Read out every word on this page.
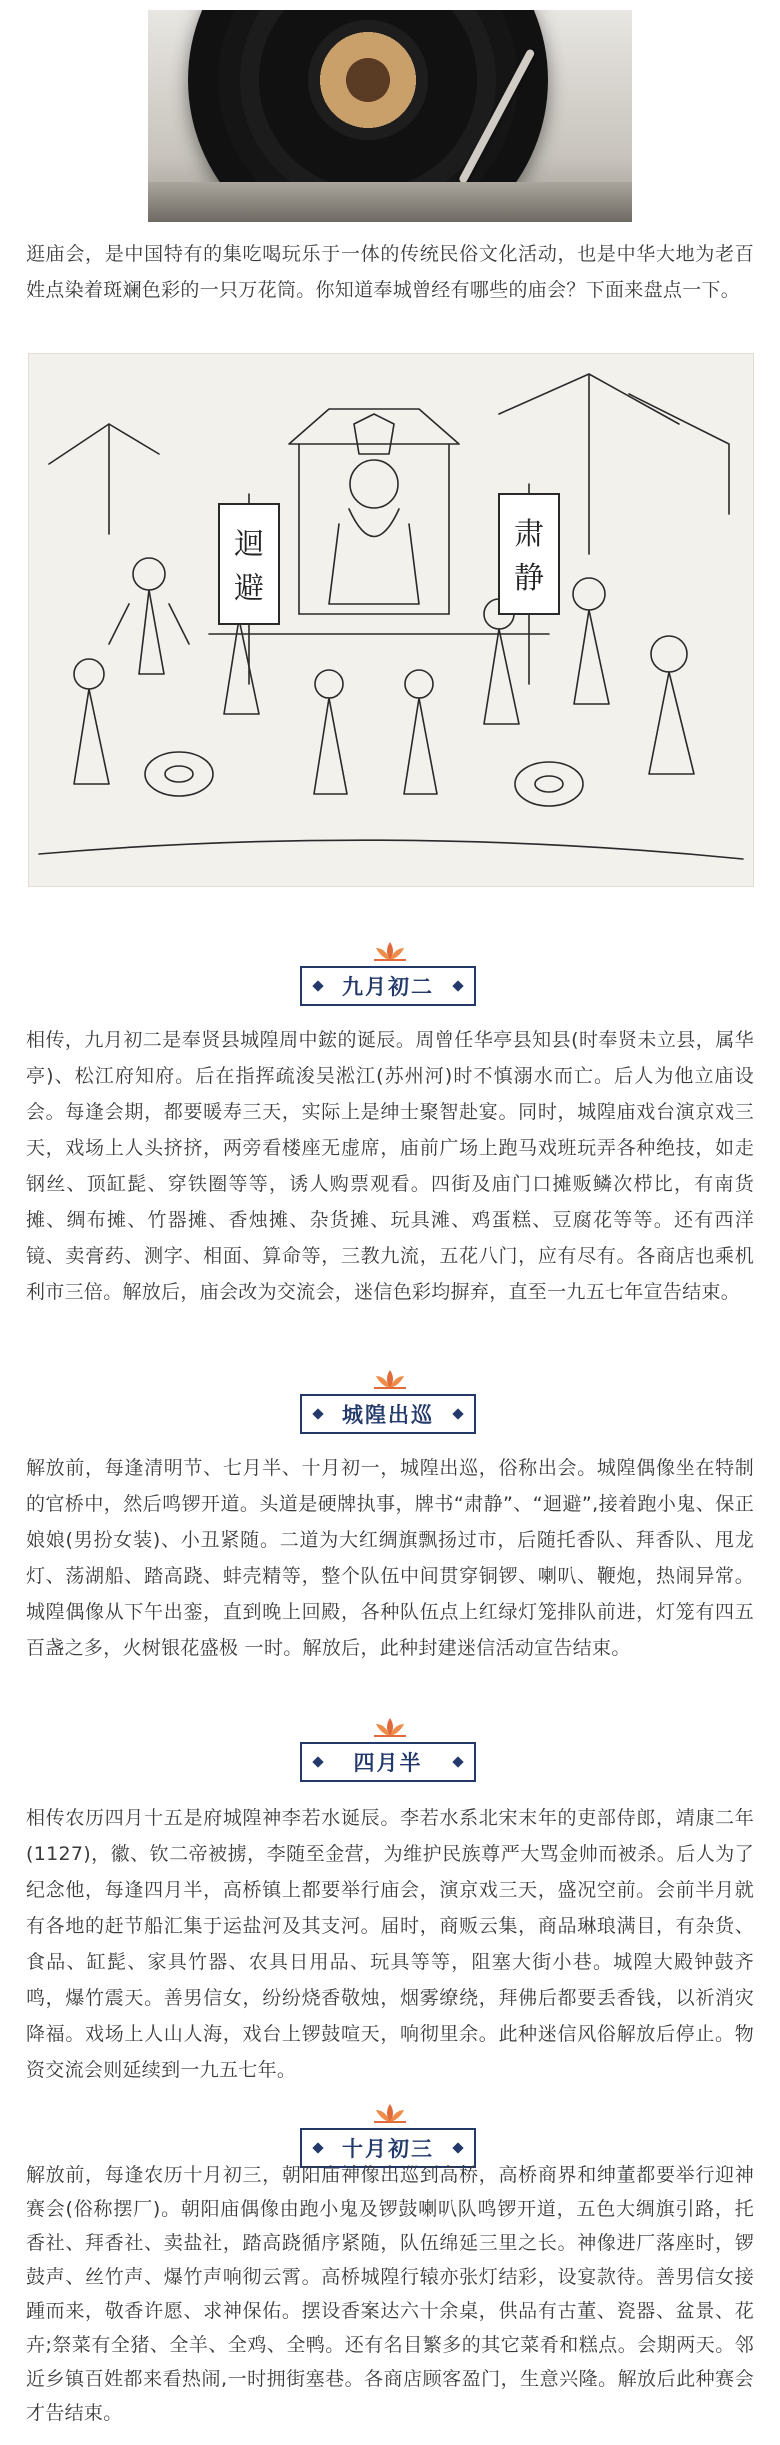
逛庙会，是中国特有的集吃喝玩乐于一体的传统民俗文化活动，也是中华大地为老百姓点染着斑斓色彩的一只万花筒。你知道奉城曾经有哪些的庙会？下面来盘点一下。

迴避
肃静
九月初二

相传，九月初二是奉贤县城隍周中鋐的诞辰。周曾任华亭县知县(时奉贤未立县，属华亭)、松江府知府。后在指挥疏浚吴淞江(苏州河)时不慎溺水而亡。后人为他立庙设会。每逢会期，都要暖寿三天，实际上是绅士聚智赴宴。同时，城隍庙戏台演京戏三天，戏场上人头挤挤，两旁看楼座无虚席，庙前广场上跑马戏班玩弄各种绝技，如走钢丝、顶缸髭、穿铁圈等等，诱人购票观看。四街及庙门口摊贩鳞次栉比，有南货摊、绸布摊、竹器摊、香烛摊、杂货摊、玩具滩、鸡蛋糕、豆腐花等等。还有西洋镜、卖膏药、测字、相面、算命等，三教九流，五花八门，应有尽有。各商店也乘机利市三倍。解放后，庙会改为交流会，迷信色彩均摒弃，直至一九五七年宣告结束。

城隍出巡

解放前，每逢清明节、七月半、十月初一，城隍出巡，俗称出会。城隍偶像坐在特制的官桥中，然后鸣锣开道。头道是硬牌执事，牌书“肃静”、“迴避”,接着跑小鬼、保正娘娘(男扮女装)、小丑紧随。二道为大红绸旗飘扬过市，后随托香队、拜香队、甩龙灯、荡湖船、踏高跷、蚌壳精等，整个队伍中间贯穿铜锣、喇叭、鞭炮，热闹异常。城隍偶像从下午出銮，直到晚上回殿，各种队伍点上红绿灯笼排队前进，灯笼有四五百盏之多，火树银花盛极 一时。解放后，此种封建迷信活动宣告结束。

四月半

相传农历四月十五是府城隍神李若水诞辰。李若水系北宋末年的吏部侍郎，靖康二年(1127)，徽、钦二帝被掳，李随至金营，为维护民族尊严大骂金帅而被杀。后人为了纪念他，每逢四月半，高桥镇上都要举行庙会，演京戏三天，盛况空前。会前半月就有各地的赶节船汇集于运盐河及其支河。届时，商贩云集，商品琳琅满目，有杂货、食品、缸髭、家具竹器、农具日用品、玩具等等，阻塞大街小巷。城隍大殿钟鼓齐鸣，爆竹震天。善男信女，纷纷烧香敬烛，烟雾缭绕，拜佛后都要丢香钱，以祈消灾降福。戏场上人山人海，戏台上锣鼓喧天，响彻里余。此种迷信风俗解放后停止。物资交流会则延续到一九五七年。

十月初三

解放前，每逢农历十月初三，朝阳庙神像出巡到高桥，高桥商界和绅董都要举行迎神赛会(俗称摆厂)。朝阳庙偶像由跑小鬼及锣鼓喇叭队鸣锣开道，五色大绸旗引路，托香社、拜香社、卖盐社，踏高跷循序紧随，队伍绵延三里之长。神像进厂落座时，锣鼓声、丝竹声、爆竹声响彻云霄。高桥城隍行辕亦张灯结彩，设宴款待。善男信女接踵而来，敬香许愿、求神保佑。摆设香案达六十余桌，供品有古董、瓷器、盆景、花卉;祭菜有全猪、全羊、全鸡、全鸭。还有名目繁多的其它菜肴和糕点。会期两天。邻近乡镇百姓都来看热闹,一时拥街塞巷。各商店顾客盈门，生意兴隆。解放后此种赛会才告结束。
